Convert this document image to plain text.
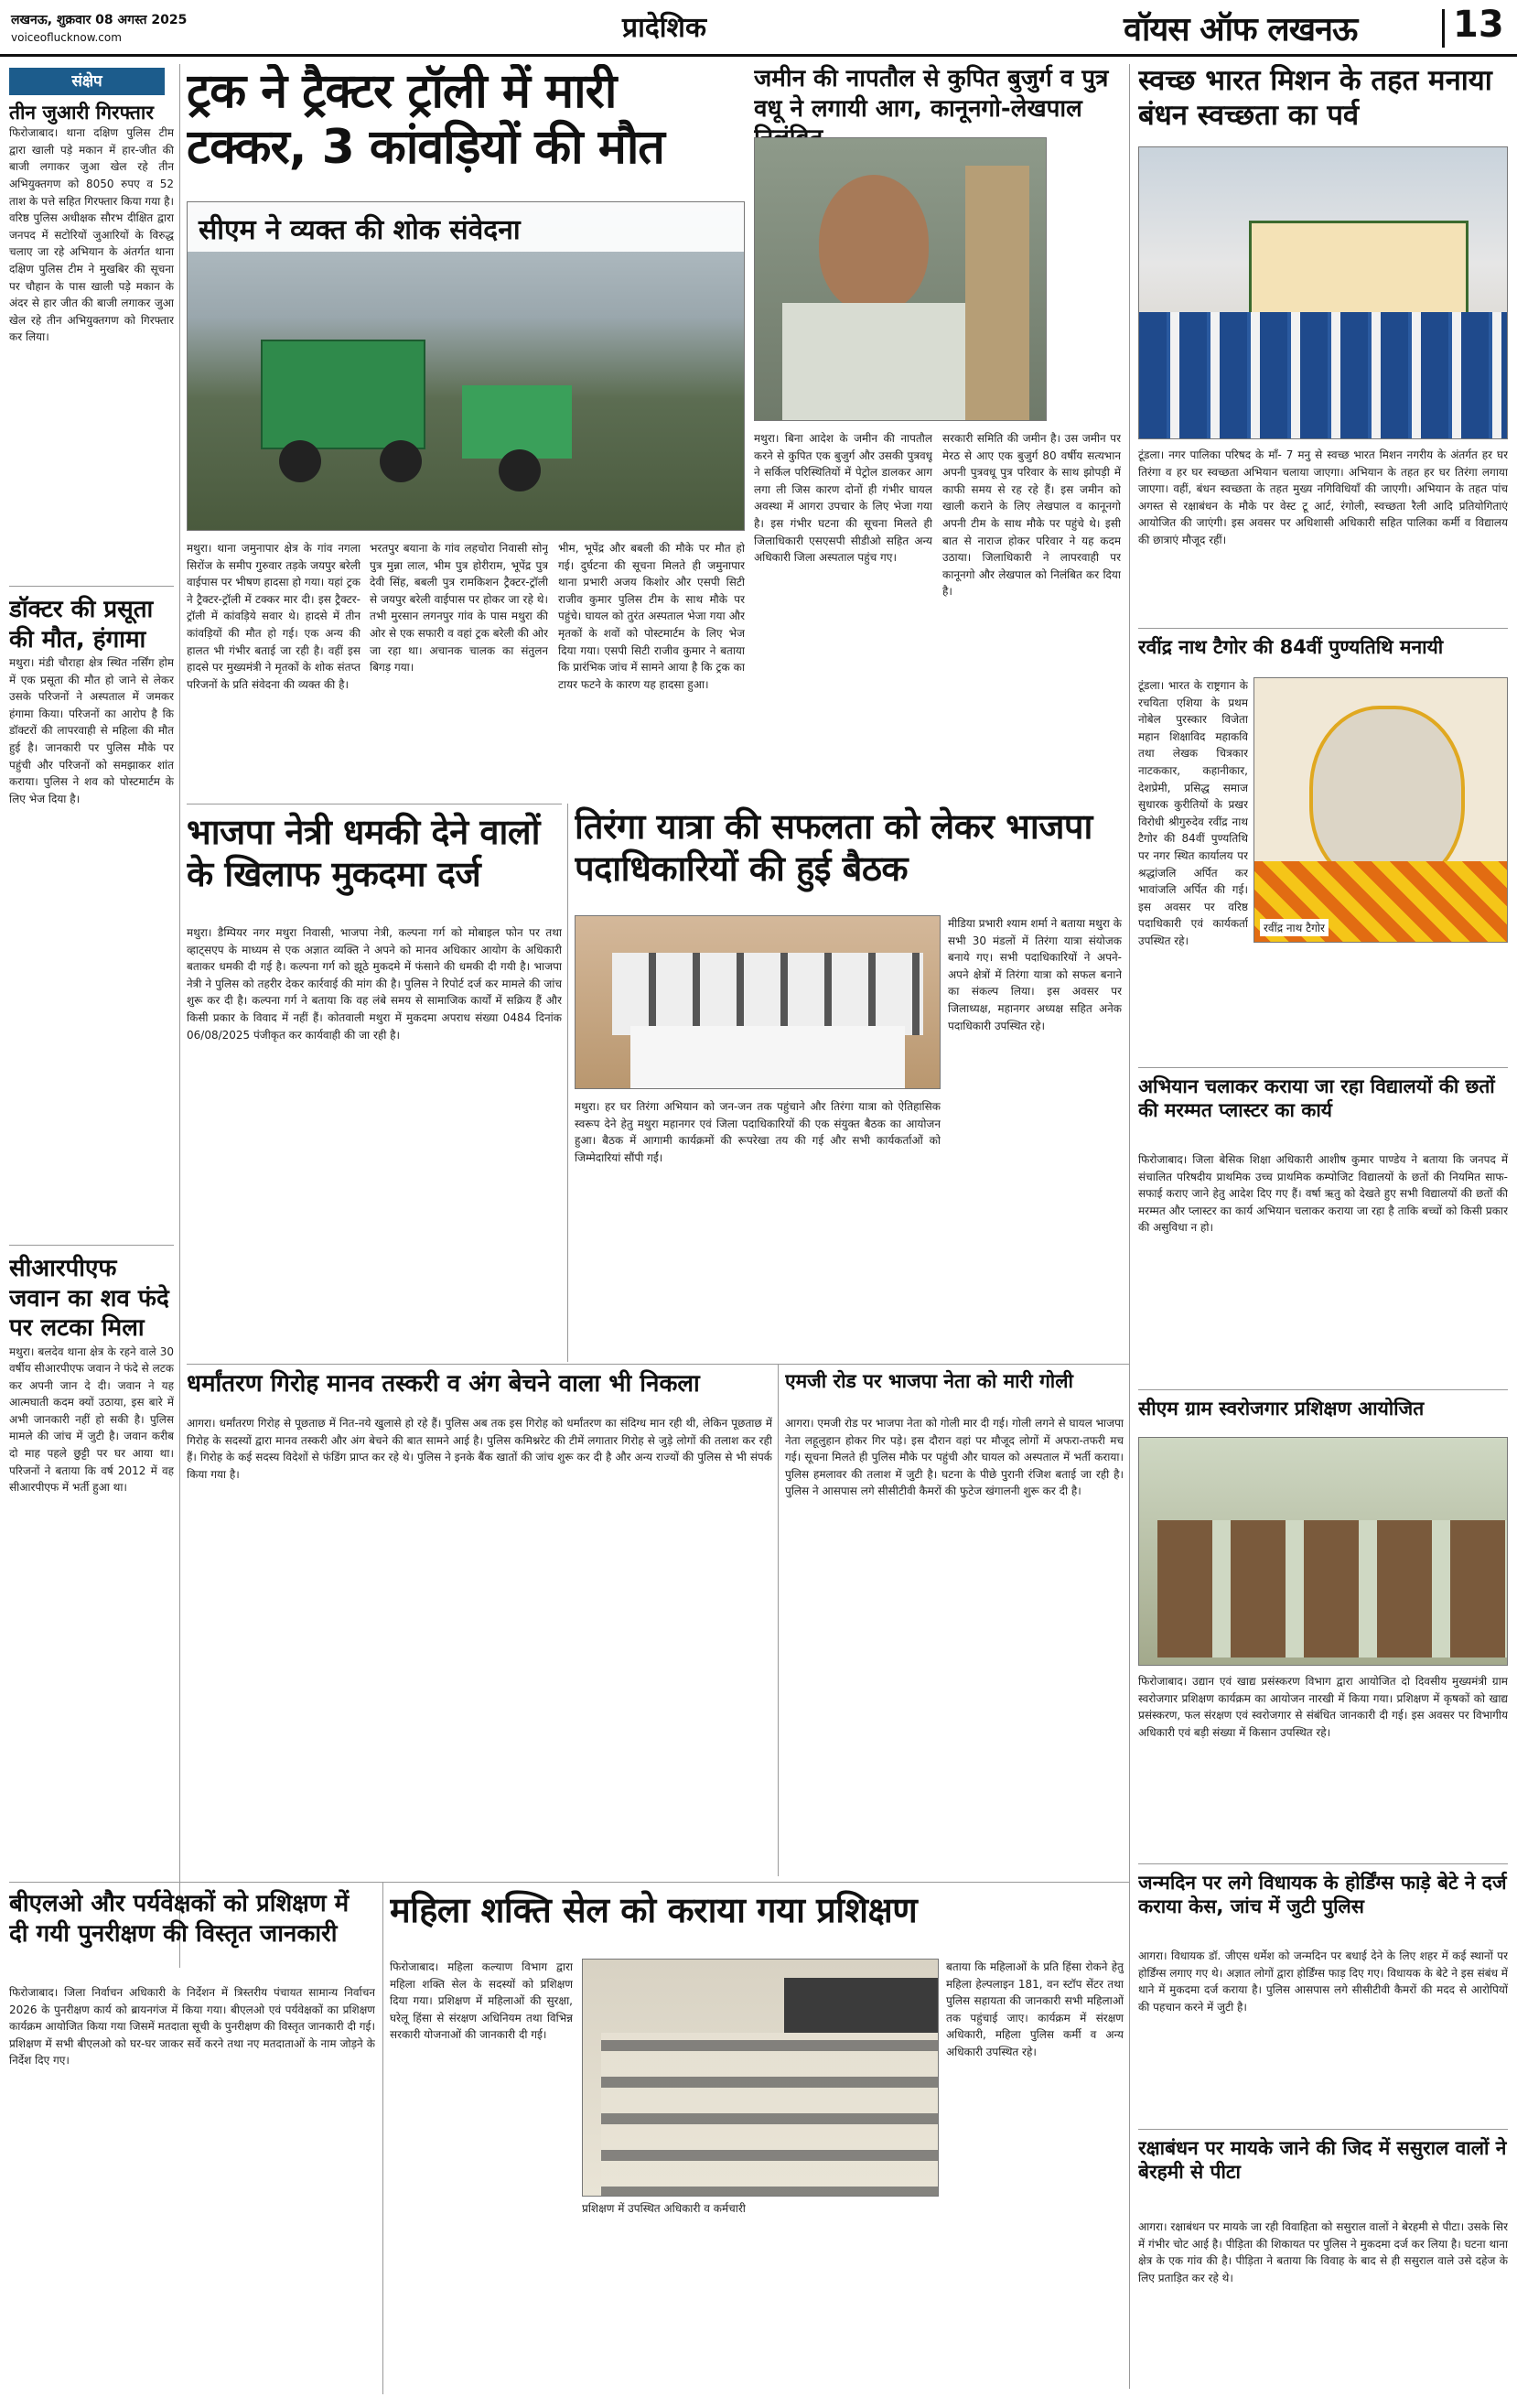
लखनऊ, शुक्रवार 08 अगस्त 2025
voiceoflucknow.com	प्रादेशिक	वॉयस ऑफ लखनऊ	13
संक्षेप
तीन जुआरी गिरफ्तार
फिरोजाबाद। थाना दक्षिण पुलिस टीम द्वारा खाली पड़े मकान में हार-जीत की बाजी लगाकर जुआ खेल रहे तीन अभियुक्तगण को 8050 रुपए व 52 ताश के पत्ते सहित गिरफ्तार किया गया है। वरिष्ठ पुलिस अधीक्षक सौरभ दीक्षित द्वारा जनपद में सटोरियों जुआरियों के विरुद्ध चलाए जा रहे अभियान के अंतर्गत थाना दक्षिण पुलिस टीम ने मुखबिर की सूचना पर चौहान के पास खाली पड़े मकान के अंदर से हार जीत की बाजी लगाकर जुआ खेल रहे तीन अभियुक्तगण को गिरफ्तार कर लिया।
डॉक्टर की प्रसूता की मौत, हंगामा
मथुरा। मंडी चौराहा क्षेत्र स्थित नर्सिंग होम में एक प्रसूता की मौत हो जाने से लेकर उसके परिजनों ने अस्पताल में जमकर हंगामा किया। परिजनों का आरोप है कि डॉक्टरों की लापरवाही से महिला की मौत हुई है। जानकारी पर पुलिस मौके पर पहुंची और परिजनों को समझाकर शांत कराया। पुलिस ने शव को पोस्टमार्टम के लिए भेज दिया है।
सीआरपीएफ जवान का शव फंदे पर लटका मिला
मथुरा। बलदेव थाना क्षेत्र के रहने वाले 30 वर्षीय सीआरपीएफ जवान ने फंदे से लटक कर अपनी जान दे दी। जवान ने यह आत्मघाती कदम क्यों उठाया, इस बारे में अभी जानकारी नहीं हो सकी है। पुलिस मामले की जांच में जुटी है। जवान करीब दो माह पहले छुट्टी पर घर आया था। परिजनों ने बताया कि वर्ष 2012 में वह सीआरपीएफ में भर्ती हुआ था।
ट्रक ने ट्रैक्टर ट्रॉली में मारी टक्कर, 3 कांवड़ियों की मौत
सीएम ने व्यक्त की शोक संवेदना
मथुरा। थाना जमुनापार क्षेत्र के गांव नगला सिरोंज के समीप गुरुवार तड़के जयपुर बरेली वाईपास पर भीषण हादसा हो गया। यहां ट्रक ने ट्रैक्टर-ट्रॉली में टक्कर मार दी। इस ट्रैक्टर-ट्रॉली में कांवड़िये सवार थे। हादसे में तीन कांवड़ियों की मौत हो गई। एक अन्य की हालत भी गंभीर बताई जा रही है। वहीं इस हादसे पर मुख्यमंत्री ने मृतकों के शोक संतप्त परिजनों के प्रति संवेदना की व्यक्त की है।
भरतपुर बयाना के गांव लहचोरा निवासी सोनू पुत्र मुन्ना लाल, भीम पुत्र होरीराम, भूपेंद्र पुत्र देवी सिंह, बबली पुत्र रामकिशन ट्रैक्टर-ट्रॉली से जयपुर बरेली वाईपास पर होकर जा रहे थे। तभी मुरसान लगनपुर गांव के पास मथुरा की ओर से एक सफारी व वहां ट्रक बरेली की ओर जा रहा था। अचानक चालक का संतुलन बिगड़ गया।
भीम, भूपेंद्र और बबली की मौके पर मौत हो गई। दुर्घटना की सूचना मिलते ही जमुनापार थाना प्रभारी अजय किशोर और एसपी सिटी राजीव कुमार पुलिस टीम के साथ मौके पर पहुंचे। घायल को तुरंत अस्पताल भेजा गया और मृतकों के शवों को पोस्टमार्टम के लिए भेज दिया गया। एसपी सिटी राजीव कुमार ने बताया कि प्रारंभिक जांच में सामने आया है कि ट्रक का टायर फटने के कारण यह हादसा हुआ।
जमीन की नापतौल से कुपित बुजुर्ग व पुत्र वधू ने लगायी आग, कानूनगो-लेखपाल
मथुरा। बिना आदेश के जमीन की नापतौल करने से कुपित एक बुजुर्ग और उसकी पुत्रवधू ने सर्किल परिस्थितियों में पेट्रोल डालकर आग लगा ली जिस कारण दोनों ही गंभीर घायल अवस्था में आगरा उपचार के लिए भेजा गया है। इस गंभीर घटना की सूचना मिलते ही जिलाधिकारी एसएसपी सीडीओ सहित अन्य अधिकारी जिला अस्पताल पहुंच गए।
सरकारी समिति की जमीन है। उस जमीन पर मेरठ से आए एक बुजुर्ग 80 वर्षीय सत्यभान अपनी पुत्रवधू पुत्र परिवार के साथ झोपड़ी में काफी समय से रह रहे हैं। इस जमीन को खाली कराने के लिए लेखपाल व कानूनगो अपनी टीम के साथ मौके पर पहुंचे थे। इसी बात से नाराज होकर परिवार ने यह कदम उठाया। जिलाधिकारी ने लापरवाही पर कानूनगो और लेखपाल को निलंबित कर दिया है।
स्वच्छ भारत मिशन के तहत मनाया बंधन स्वच्छता का पर्व
टूंडला। नगर पालिका परिषद के माँ- 7 मनु से स्वच्छ भारत मिशन नगरीय के अंतर्गत हर घर तिरंगा व हर घर स्वच्छता अभियान चलाया जाएगा। अभियान के तहत हर घर तिरंगा लगाया जाएगा। वहीं, बंधन स्वच्छता के तहत मुख्य नगिविधियाँ की जाएगी। अभियान के तहत पांच अगस्त से रक्षाबंधन के मौके पर वेस्ट टू आर्ट, रंगोली, स्वच्छता रैली आदि प्रतियोगिताएं आयोजित की जाएंगी। इस अवसर पर अधिशासी अधिकारी सहित पालिका कर्मी व विद्यालय की छात्राएं मौजूद रहीं।
रवींद्र नाथ टैगोर की 84वीं पुण्यतिथि मनायी
रवींद्र नाथ टैगोर
टूंडला। भारत के राष्ट्रगान के रचयिता एशिया के प्रथम नोबेल पुरस्कार विजेता महान शिक्षाविद महाकवि तथा लेखक चित्रकार नाटककार, कहानीकार, देशप्रेमी, प्रसिद्ध समाज सुधारक कुरीतियों के प्रखर विरोधी श्रीगुरुदेव रवींद्र नाथ टैगोर की 84वीं पुण्यतिथि पर नगर स्थित कार्यालय पर श्रद्धांजलि अर्पित कर भावांजलि अर्पित की गई। इस अवसर पर वरिष्ठ पदाधिकारी एवं कार्यकर्ता उपस्थित रहे।
अभियान चलाकर कराया जा रहा विद्यालयों की छतों की मरम्मत प्लास्टर का कार्य
फिरोजाबाद। जिला बेसिक शिक्षा अधिकारी आशीष कुमार पाण्डेय ने बताया कि जनपद में संचालित परिषदीय प्राथमिक उच्च प्राथमिक कम्पोजिट विद्यालयों के छतों की नियमित साफ-सफाई कराए जाने हेतु आदेश दिए गए हैं। वर्षा ऋतु को देखते हुए सभी विद्यालयों की छतों की मरम्मत और प्लास्टर का कार्य अभियान चलाकर कराया जा रहा है ताकि बच्चों को किसी प्रकार की असुविधा न हो।
सीएम ग्राम स्वरोजगार प्रशिक्षण आयोजित
फिरोजाबाद। उद्यान एवं खाद्य प्रसंस्करण विभाग द्वारा आयोजित दो दिवसीय मुख्यमंत्री ग्राम स्वरोजगार प्रशिक्षण कार्यक्रम का आयोजन नारखी में किया गया। प्रशिक्षण में कृषकों को खाद्य प्रसंस्करण, फल संरक्षण एवं स्वरोजगार से संबंधित जानकारी दी गई। इस अवसर पर विभागीय अधिकारी एवं बड़ी संख्या में किसान उपस्थित रहे।
जन्मदिन पर लगे विधायक के होर्डिंग्स फाड़े बेटे ने दर्ज कराया केस, जांच में जुटी पुलिस
आगरा। विधायक डॉ. जीएस धर्मेश को जन्मदिन पर बधाई देने के लिए शहर में कई स्थानों पर होर्डिंग्स लगाए गए थे। अज्ञात लोगों द्वारा होर्डिंग्स फाड़ दिए गए। विधायक के बेटे ने इस संबंध में थाने में मुकदमा दर्ज कराया है। पुलिस आसपास लगे सीसीटीवी कैमरों की मदद से आरोपियों की पहचान करने में जुटी है।
रक्षाबंधन पर मायके जाने की जिद में ससुराल वालों ने बेरहमी से पीटा
आगरा। रक्षाबंधन पर मायके जा रही विवाहिता को ससुराल वालों ने बेरहमी से पीटा। उसके सिर में गंभीर चोट आई है। पीड़िता की शिकायत पर पुलिस ने मुकदमा दर्ज कर लिया है। घटना थाना क्षेत्र के एक गांव की है। पीड़िता ने बताया कि विवाह के बाद से ही ससुराल वाले उसे दहेज के लिए प्रताड़ित कर रहे थे।
भाजपा नेत्री धमकी देने वालों के खिलाफ मुकदमा दर्ज
मथुरा। डैम्पियर नगर मथुरा निवासी, भाजपा नेत्री, कल्पना गर्ग को मोबाइल फोन पर तथा व्हाट्सएप के माध्यम से एक अज्ञात व्यक्ति ने अपने को मानव अधिकार आयोग के अधिकारी बताकर धमकी दी गई है। कल्पना गर्ग को झूठे मुकदमे में फंसाने की धमकी दी गयी है। भाजपा नेत्री ने पुलिस को तहरीर देकर कार्रवाई की मांग की है। पुलिस ने रिपोर्ट दर्ज कर मामले की जांच शुरू कर दी है। कल्पना गर्ग ने बताया कि वह लंबे समय से सामाजिक कार्यों में सक्रिय हैं और किसी प्रकार के विवाद में नहीं हैं। कोतवाली मथुरा में मुकदमा अपराध संख्या 0484 दिनांक 06/08/2025 पंजीकृत कर कार्यवाही की जा रही है।
तिरंगा यात्रा की सफलता को लेकर भाजपा पदाधिकारियों की हुई बैठक
मथुरा। हर घर तिरंगा अभियान को जन-जन तक पहुंचाने और तिरंगा यात्रा को ऐतिहासिक स्वरूप देने हेतु मथुरा महानगर एवं जिला पदाधिकारियों की एक संयुक्त बैठक का आयोजन हुआ। बैठक में आगामी कार्यक्रमों की रूपरेखा तय की गई और सभी कार्यकर्ताओं को जिम्मेदारियां सौंपी गईं।
मीडिया प्रभारी श्याम शर्मा ने बताया मथुरा के सभी 30 मंडलों में तिरंगा यात्रा संयोजक बनाये गए। सभी पदाधिकारियों ने अपने-अपने क्षेत्रों में तिरंगा यात्रा को सफल बनाने का संकल्प लिया। इस अवसर पर जिलाध्यक्ष, महानगर अध्यक्ष सहित अनेक पदाधिकारी उपस्थित रहे।
धर्मांतरण गिरोह मानव तस्करी व अंग बेचने वाला भी निकला
आगरा। धर्मांतरण गिरोह से पूछताछ में नित-नये खुलासे हो रहे हैं। पुलिस अब तक इस गिरोह को धर्मांतरण का संदिग्ध मान रही थी, लेकिन पूछताछ में गिरोह के सदस्यों द्वारा मानव तस्करी और अंग बेचने की बात सामने आई है। पुलिस कमिश्नरेट की टीमें लगातार गिरोह से जुड़े लोगों की तलाश कर रही हैं। गिरोह के कई सदस्य विदेशों से फंडिंग प्राप्त कर रहे थे। पुलिस ने इनके बैंक खातों की जांच शुरू कर दी है और अन्य राज्यों की पुलिस से भी संपर्क किया गया है।
एमजी रोड पर भाजपा नेता को मारी गोली
आगरा। एमजी रोड पर भाजपा नेता को गोली मार दी गई। गोली लगने से घायल भाजपा नेता लहूलुहान होकर गिर पड़े। इस दौरान वहां पर मौजूद लोगों में अफरा-तफरी मच गई। सूचना मिलते ही पुलिस मौके पर पहुंची और घायल को अस्पताल में भर्ती कराया। पुलिस हमलावर की तलाश में जुटी है। घटना के पीछे पुरानी रंजिश बताई जा रही है। पुलिस ने आसपास लगे सीसीटीवी कैमरों की फुटेज खंगालनी शुरू कर दी है।
बीएलओ और पर्यवेक्षकों को प्रशिक्षण में दी गयी पुनरीक्षण की विस्तृत जानकारी
फिरोजाबाद। जिला निर्वाचन अधिकारी के निर्देशन में त्रिस्तरीय पंचायत सामान्य निर्वाचन 2026 के पुनरीक्षण कार्य को ब्रायनगंज में किया गया। बीएलओ एवं पर्यवेक्षकों का प्रशिक्षण कार्यक्रम आयोजित किया गया जिसमें मतदाता सूची के पुनरीक्षण की विस्तृत जानकारी दी गई। प्रशिक्षण में सभी बीएलओ को घर-घर जाकर सर्वे करने तथा नए मतदाताओं के नाम जोड़ने के निर्देश दिए गए।
महिला शक्ति सेल को कराया गया प्रशिक्षण
फिरोजाबाद। महिला कल्याण विभाग द्वारा महिला शक्ति सेल के सदस्यों को प्रशिक्षण दिया गया। प्रशिक्षण में महिलाओं की सुरक्षा, घरेलू हिंसा से संरक्षण अधिनियम तथा विभिन्न सरकारी योजनाओं की जानकारी दी गई।
प्रशिक्षण में उपस्थित अधिकारी व कर्मचारी
बताया कि महिलाओं के प्रति हिंसा रोकने हेतु महिला हेल्पलाइन 181, वन स्टॉप सेंटर तथा पुलिस सहायता की जानकारी सभी महिलाओं तक पहुंचाई जाए। कार्यक्रम में संरक्षण अधिकारी, महिला पुलिस कर्मी व अन्य अधिकारी उपस्थित रहे।
